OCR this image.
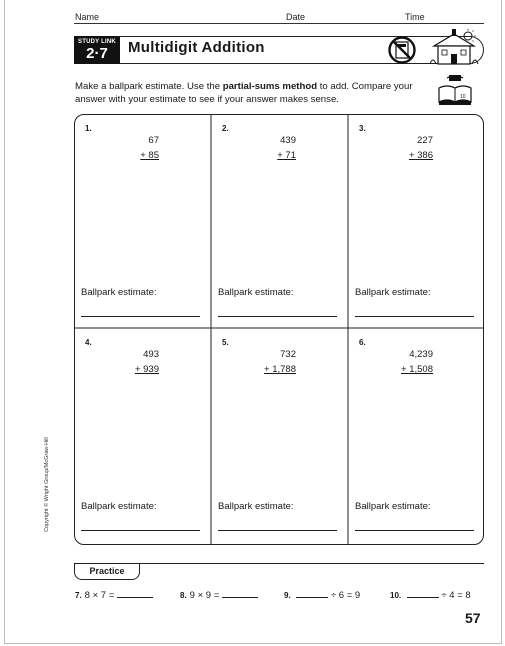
Name	Date	Time
STUDY LINK
2·7	Multidigit Addition
10
Make a ballpark estimate. Use the partial-sums method to add. Compare your answer with your estimate to see if your answer makes sense.
1.
67
+ 85
Ballpark estimate:
2.
439
+ 71
Ballpark estimate:
3.
227
+ 386
Ballpark estimate:
4.
493
+ 939
Ballpark estimate:
5.
732
+ 1,788
Ballpark estimate:
6.
4,239
+ 1,508
Ballpark estimate:
Practice
7. 8 × 7 =	8. 9 × 9 =	9.	÷ 6 = 9	10.	÷ 4 = 8
57
Copyright © Wright Group/McGraw-Hill
